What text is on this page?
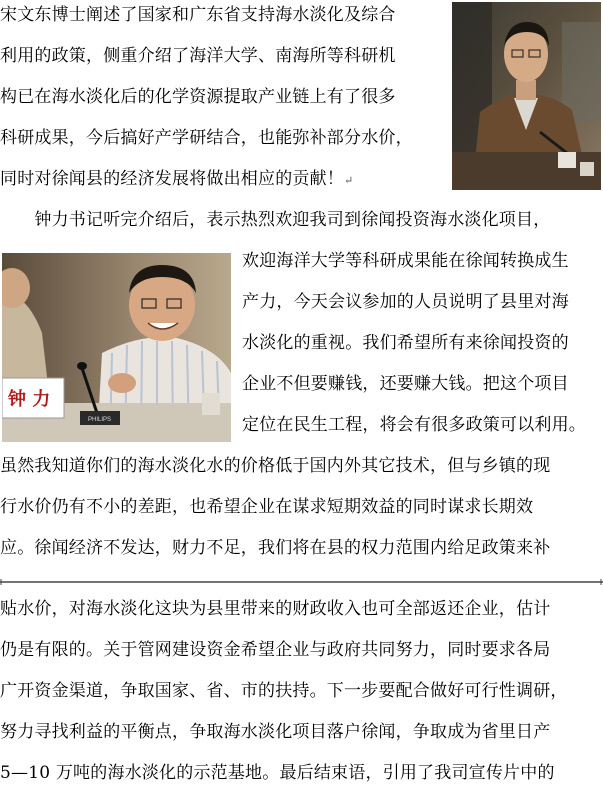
宋文东博士阐述了国家和广东省支持海水淡化及综合
利用的政策，侧重介绍了海洋大学、南海所等科研机
构已在海水淡化后的化学资源提取产业链上有了很多
科研成果，今后搞好产学研结合，也能弥补部分水价，
同时对徐闻县的经济发展将做出相应的贡献！↵
　　钟力书记听完介绍后，表示热烈欢迎我司到徐闻投资海水淡化项目，
欢迎海洋大学等科研成果能在徐闻转换成生
产力，今天会议参加的人员说明了县里对海
水淡化的重视。我们希望所有来徐闻投资的
企业不但要赚钱，还要赚大钱。把这个项目
定位在民生工程，将会有很多政策可以利用。
虽然我知道你们的海水淡化水的价格低于国内外其它技术，但与乡镇的现
行水价仍有不小的差距，也希望企业在谋求短期效益的同时谋求长期效
应。徐闻经济不发达，财力不足，我们将在县的权力范围内给足政策来补
贴水价，对海水淡化这块为县里带来的财政收入也可全部返还企业，估计
仍是有限的。关于管网建设资金希望企业与政府共同努力，同时要求各局
广开资金渠道，争取国家、省、市的扶持。下一步要配合做好可行性调研，
努力寻找利益的平衡点，争取海水淡化项目落户徐闻，争取成为省里日产
5—10 万吨的海水淡化的示范基地。最后结束语，引用了我司宣传片中的
PHILIPS
钟 力
